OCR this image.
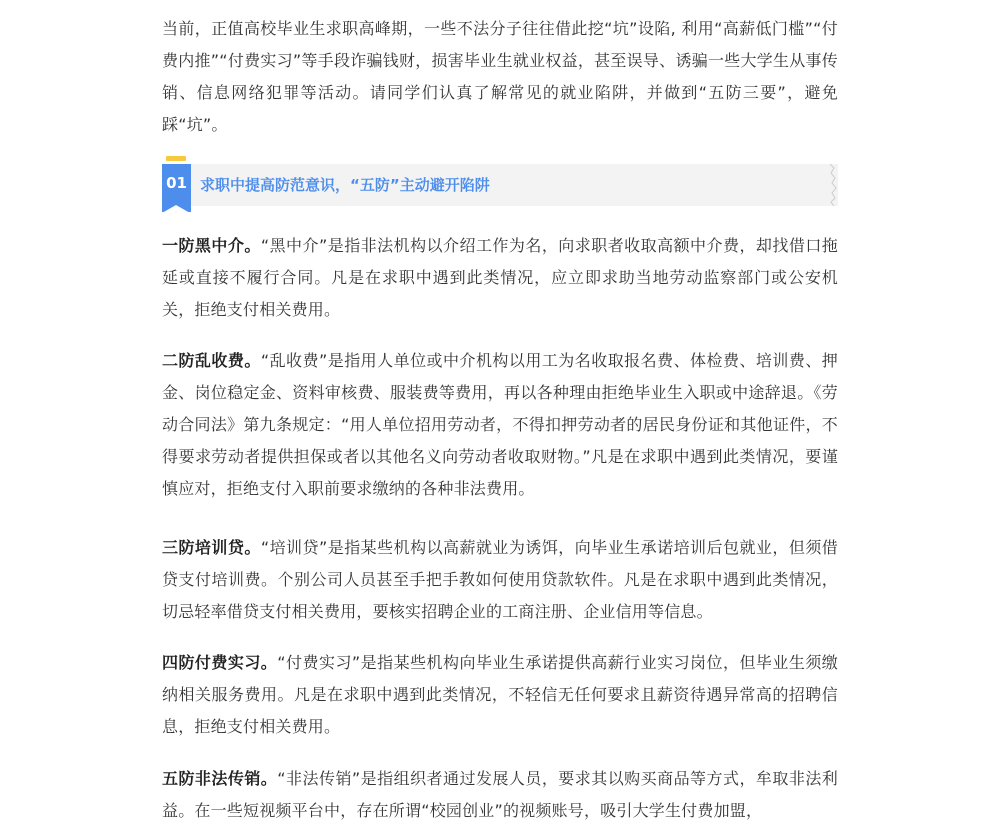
当前，正值高校毕业生求职高峰期，一些不法分子往往借此挖“坑”设陷, 利用“高薪低门槛”“付费内推”“付费实习”等手段诈骗钱财，损害毕业生就业权益，甚至误导、诱骗一些大学生从事传销、信息网络犯罪等活动。请同学们认真了解常见的就业陷阱，并做到“五防三要”，避免踩“坑”。

01 求职中提高防范意识，“五防”主动避开陷阱

一防黑中介。“黑中介”是指非法机构以介绍工作为名，向求职者收取高额中介费，却找借口拖延或直接不履行合同。凡是在求职中遇到此类情况，应立即求助当地劳动监察部门或公安机关，拒绝支付相关费用。

二防乱收费。“乱收费”是指用人单位或中介机构以用工为名收取报名费、体检费、培训费、押金、岗位稳定金、资料审核费、服装费等费用，再以各种理由拒绝毕业生入职或中途辞退。《劳动合同法》第九条规定：“用人单位招用劳动者，不得扣押劳动者的居民身份证和其他证件，不得要求劳动者提供担保或者以其他名义向劳动者收取财物。”凡是在求职中遇到此类情况，要谨慎应对，拒绝支付入职前要求缴纳的各种非法费用。

三防培训贷。“培训贷”是指某些机构以高薪就业为诱饵，向毕业生承诺培训后包就业，但须借贷支付培训费。个别公司人员甚至手把手教如何使用贷款软件。凡是在求职中遇到此类情况，切忌轻率借贷支付相关费用，要核实招聘企业的工商注册、企业信用等信息。

四防付费实习。“付费实习”是指某些机构向毕业生承诺提供高薪行业实习岗位，但毕业生须缴纳相关服务费用。凡是在求职中遇到此类情况，不轻信无任何要求且薪资待遇异常高的招聘信息，拒绝支付相关费用。

五防非法传销。“非法传销”是指组织者通过发展人员，要求其以购买商品等方式，牟取非法利益。在一些短视频平台中，存在所谓“校园创业”的视频账号，吸引大学生付费加盟，
